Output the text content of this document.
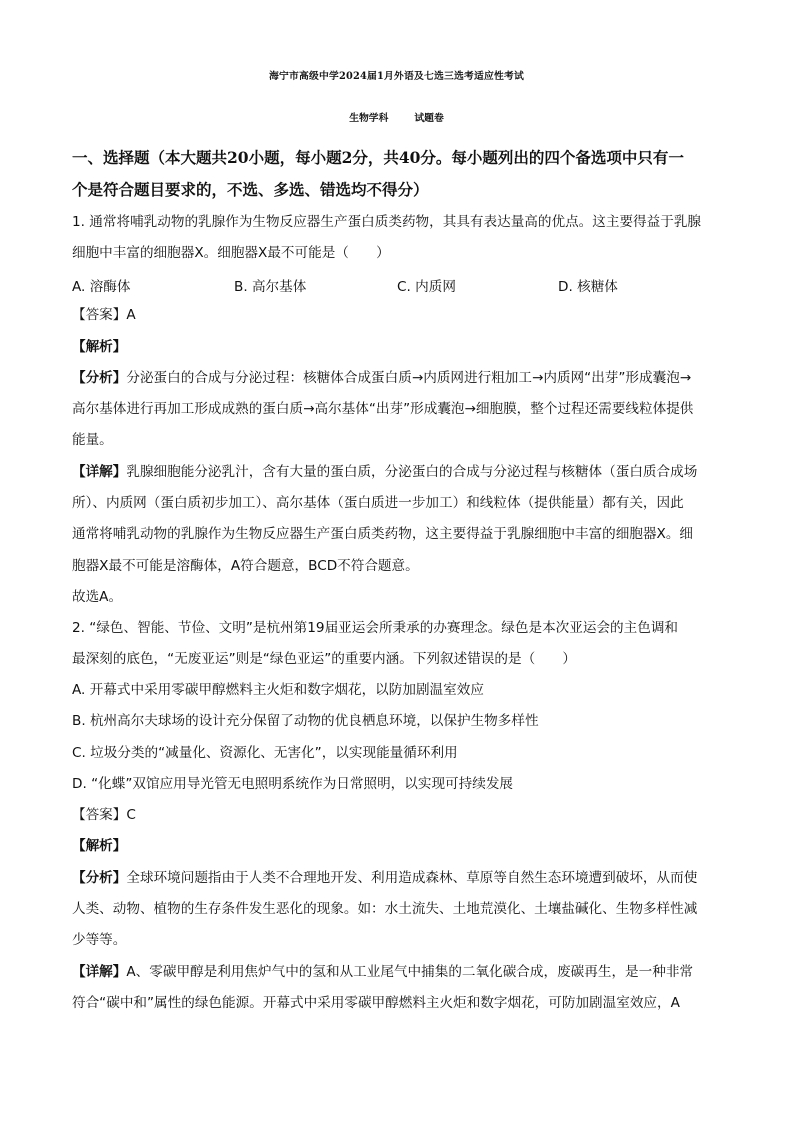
海宁市高级中学2024届1月外语及七选三选考适应性考试
生物学科	试题卷
一、选择题（本大题共20小题，每小题2分，共40分。每小题列出的四个备选项中只有一
个是符合题目要求的，不选、多选、错选均不得分）
1. 通常将哺乳动物的乳腺作为生物反应器生产蛋白质类药物，其具有表达量高的优点。这主要得益于乳腺
细胞中丰富的细胞器X。细胞器X最不可能是（　　）
A. 溶酶体	B. 高尔基体	C. 内质网	D. 核糖体
【答案】A
【解析】
【分析】分泌蛋白的合成与分泌过程：核糖体合成蛋白质→内质网进行粗加工→内质网“出芽”形成囊泡→
高尔基体进行再加工形成成熟的蛋白质→高尔基体“出芽”形成囊泡→细胞膜，整个过程还需要线粒体提供
能量。
【详解】乳腺细胞能分泌乳汁，含有大量的蛋白质，分泌蛋白的合成与分泌过程与核糖体（蛋白质合成场
所）、内质网（蛋白质初步加工）、高尔基体（蛋白质进一步加工）和线粒体（提供能量）都有关，因此
通常将哺乳动物的乳腺作为生物反应器生产蛋白质类药物，这主要得益于乳腺细胞中丰富的细胞器X。细
胞器X最不可能是溶酶体，A符合题意，BCD不符合题意。
故选A。
2. “绿色、智能、节俭、文明”是杭州第19届亚运会所秉承的办赛理念。绿色是本次亚运会的主色调和
最深刻的底色，“无废亚运”则是“绿色亚运”的重要内涵。下列叙述错误的是（　　）
A. 开幕式中采用零碳甲醇燃料主火炬和数字烟花，以防加剧温室效应
B. 杭州高尔夫球场的设计充分保留了动物的优良栖息环境，以保护生物多样性
C. 垃圾分类的“减量化、资源化、无害化”，以实现能量循环利用
D. “化蝶”双馆应用导光管无电照明系统作为日常照明，以实现可持续发展
【答案】C
【解析】
【分析】全球环境问题指由于人类不合理地开发、利用造成森林、草原等自然生态环境遭到破坏，从而使
人类、动物、植物的生存条件发生恶化的现象。如：水土流失、土地荒漠化、土壤盐碱化、生物多样性减
少等等。
【详解】A、零碳甲醇是利用焦炉气中的氢和从工业尾气中捕集的二氧化碳合成，废碳再生，是一种非常
符合“碳中和”属性的绿色能源。开幕式中采用零碳甲醇燃料主火炬和数字烟花，可防加剧温室效应，A
